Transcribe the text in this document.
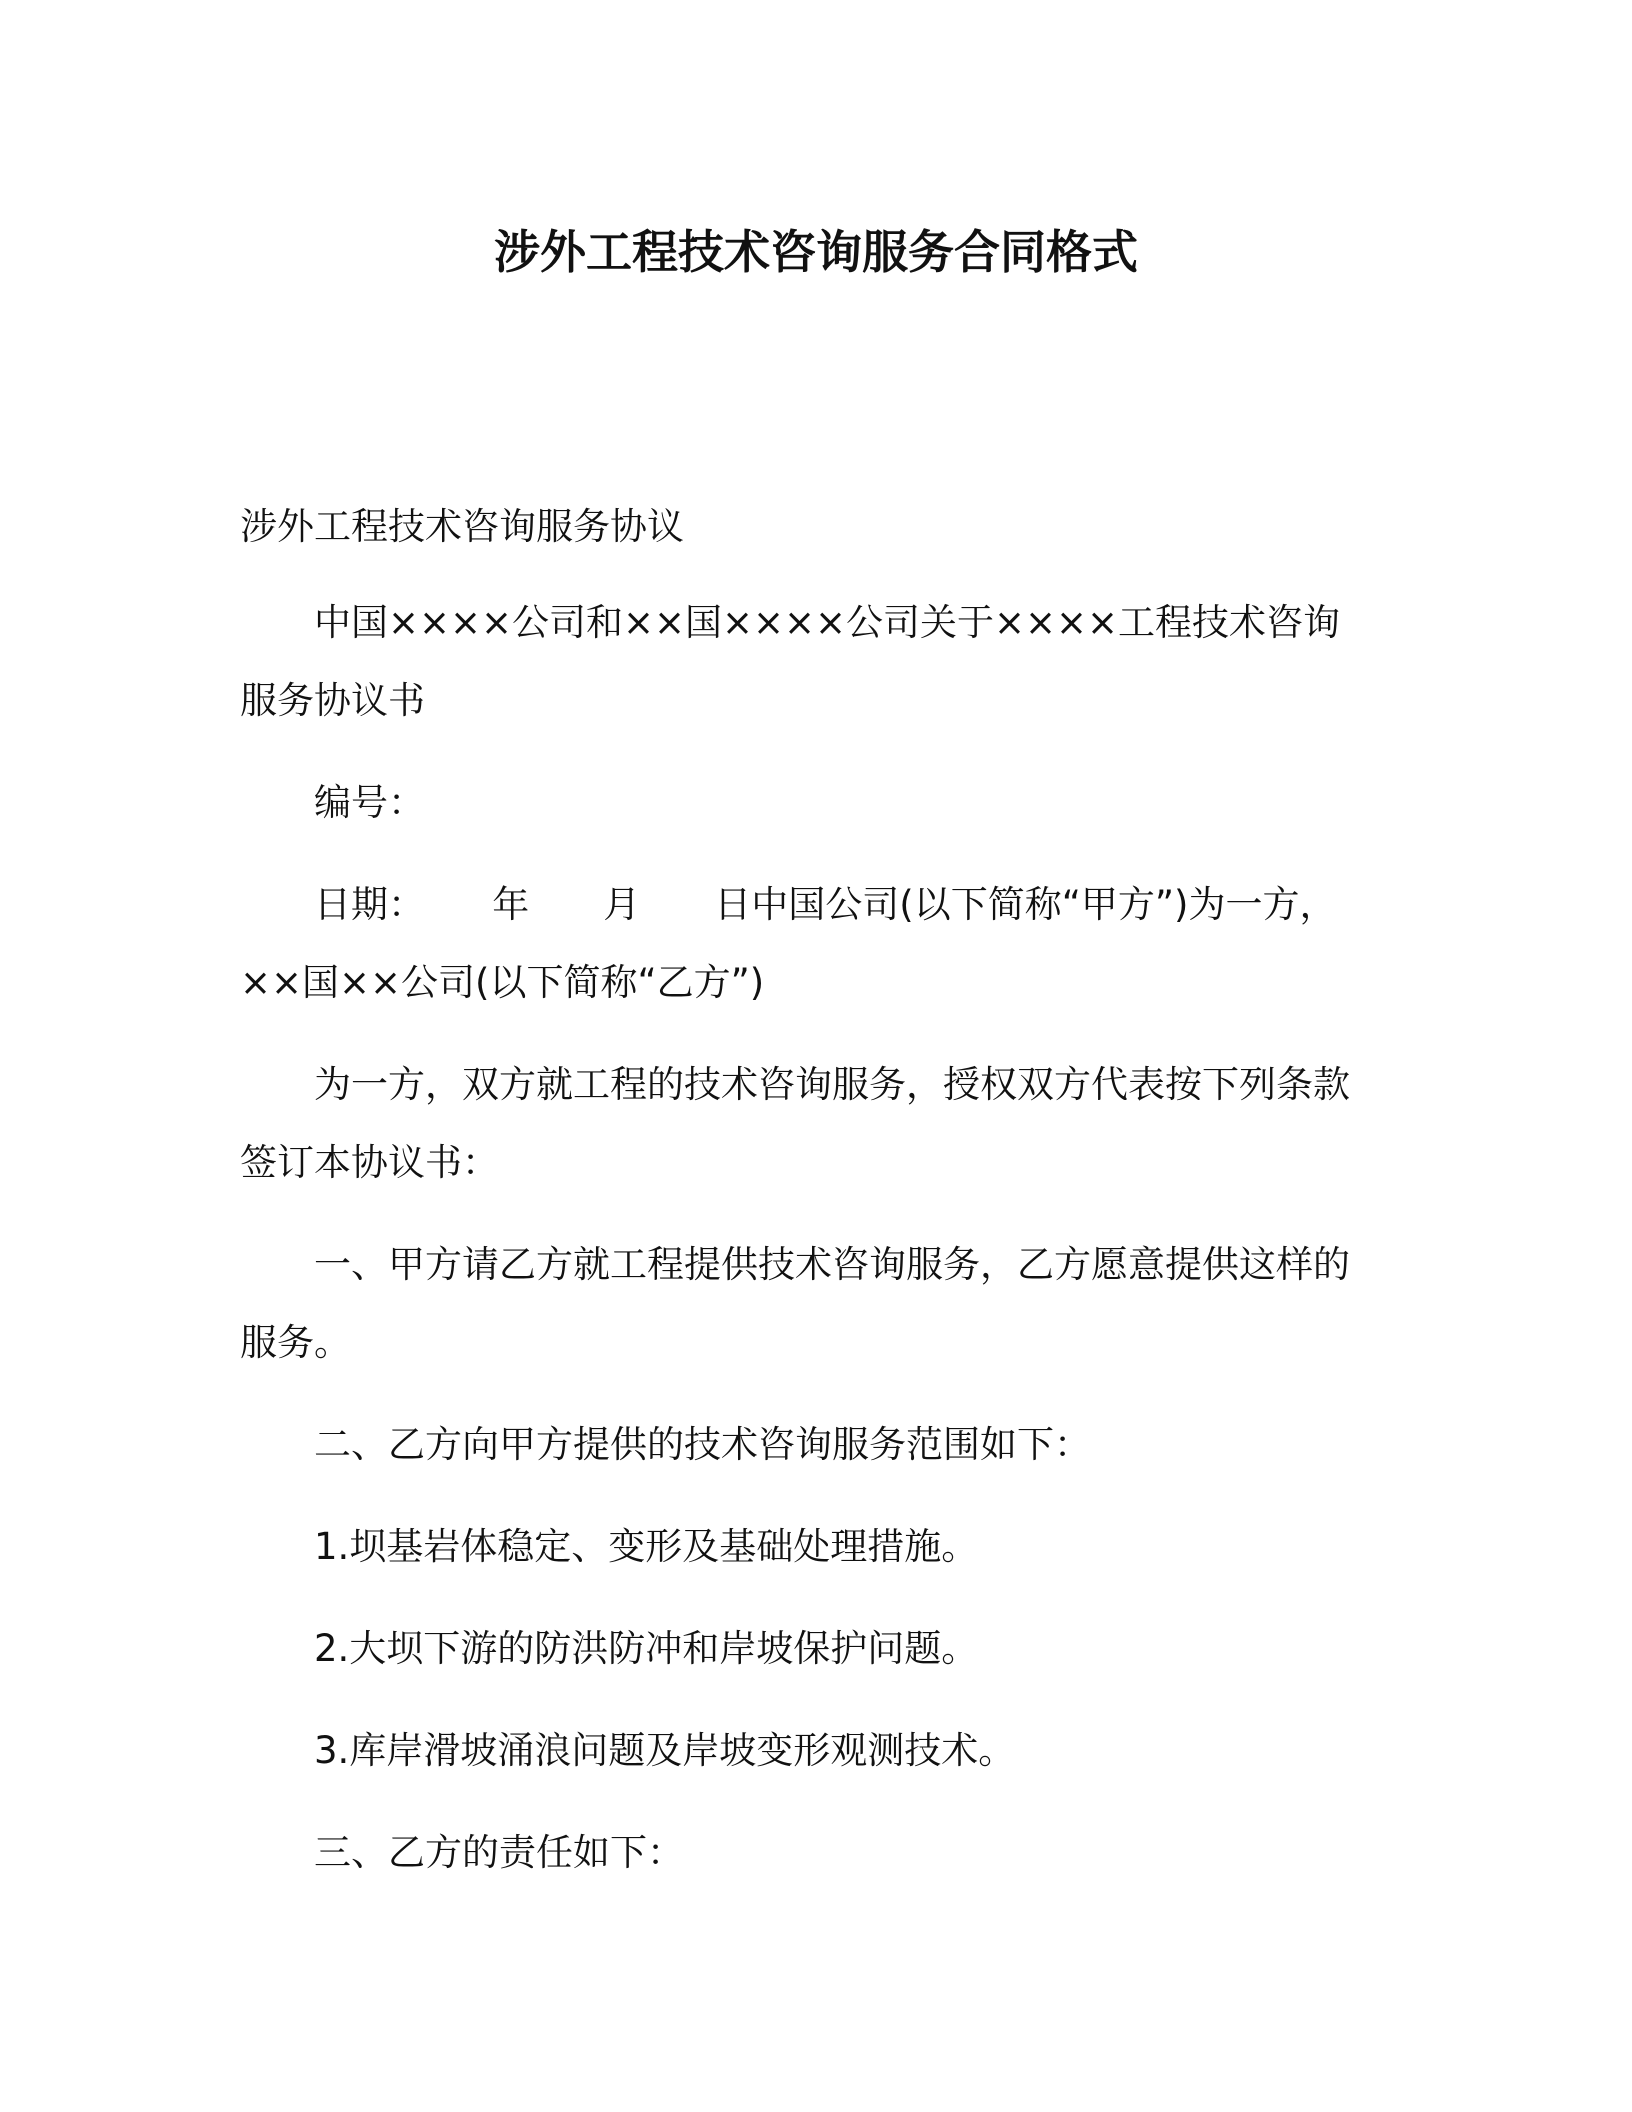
涉外工程技术咨询服务合同格式

涉外工程技术咨询服务协议

中国××××公司和××国××××公司关于××××工程技术咨询服务协议书

编号：

日期：　　 年　　月　　日中国公司(以下简称“甲方”)为一方，××国××公司(以下简称“乙方”)

为一方，双方就工程的技术咨询服务，授权双方代表按下列条款签订本协议书：

一、甲方请乙方就工程提供技术咨询服务，乙方愿意提供这样的服务。

二、乙方向甲方提供的技术咨询服务范围如下：

1.坝基岩体稳定、变形及基础处理措施。

2.大坝下游的防洪防冲和岸坡保护问题。

3.库岸滑坡涌浪问题及岸坡变形观测技术。

三、乙方的责任如下：
